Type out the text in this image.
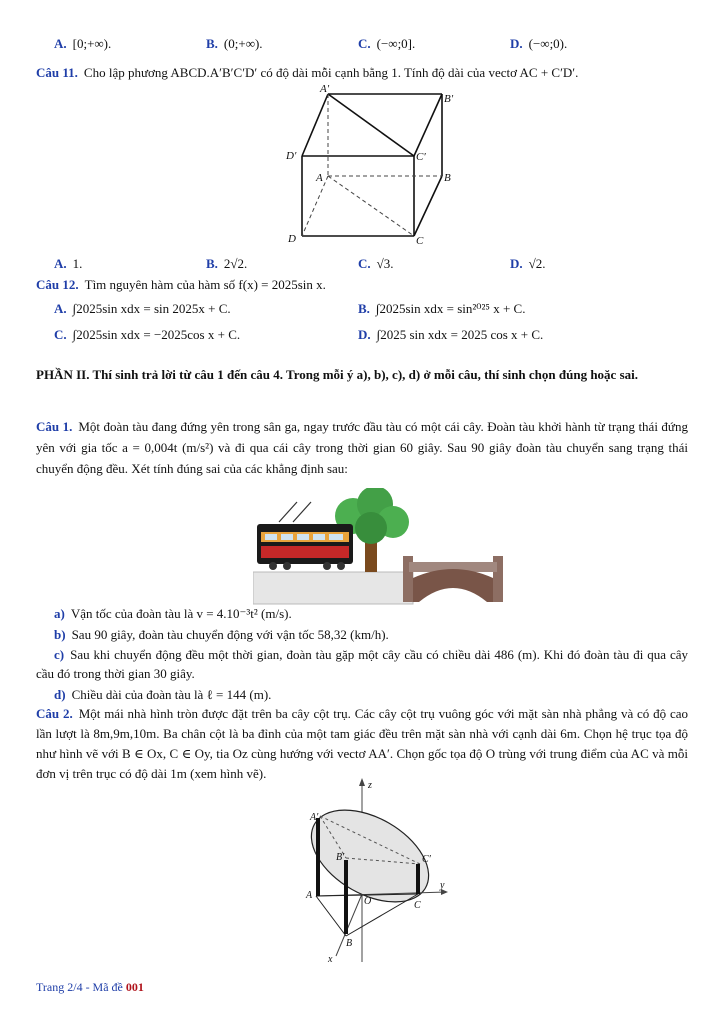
A. [0;+∞).	B. (0;+∞).	C. (−∞;0].	D. (−∞;0).
Câu 11. Cho lập phương ABCD.A′B′C′D′ có độ dài mỗi cạnh bằng 1. Tính độ dài của vectơ AC + C′D′.
A′
B′
D′	C′
A	B
D	C
A. 1.	B. 2√2.	C. √3.	D. √2.
Câu 12. Tìm nguyên hàm của hàm số f(x) = 2025sin x.
A. ∫2025sin xdx = sin 2025x + C.	B. ∫2025sin xdx = sin²⁰²⁵ x + C.
C. ∫2025sin xdx = −2025cos x + C.	D. ∫2025 sin xdx = 2025 cos x + C.
PHẦN II. Thí sinh trả lời từ câu 1 đến câu 4. Trong mỗi ý a), b), c), d) ở mỗi câu, thí sinh chọn đúng hoặc sai.
Câu 1. Một đoàn tàu đang đứng yên trong sân ga, ngay trước đầu tàu có một cái cây. Đoàn tàu khởi hành từ trạng thái đứng yên với gia tốc a = 0,004t (m/s²) và đi qua cái cây trong thời gian 60 giây. Sau 90 giây đoàn tàu chuyển sang trạng thái chuyển động đều. Xét tính đúng sai của các khẳng định sau:
a) Vận tốc của đoàn tàu là v = 4.10⁻³t² (m/s).
b) Sau 90 giây, đoàn tàu chuyển động với vận tốc 58,32 (km/h).
c) Sau khi chuyển động đều một thời gian, đoàn tàu gặp một cây cầu có chiều dài 486 (m). Khi đó đoàn tàu đi qua cây cầu đó trong thời gian 30 giây.
d) Chiều dài của đoàn tàu là ℓ = 144 (m).
Câu 2. Một mái nhà hình tròn được đặt trên ba cây cột trụ. Các cây cột trụ vuông góc với mặt sàn nhà phẳng và có độ cao lần lượt là 8m,9m,10m. Ba chân cột là ba đỉnh của một tam giác đều trên mặt sàn nhà với cạnh dài 6m. Chọn hệ trục tọa độ như hình vẽ với B ∈ Ox, C ∈ Oy, tia Oz cùng hướng với vectơ AA′. Chọn gốc tọa độ O trùng với trung điểm của AC và mỗi đơn vị trên trục có độ dài 1m (xem hình vẽ).
z
A′
B′	C′
A
O	C
y
B
x
Trang 2/4 - Mã đề 001
